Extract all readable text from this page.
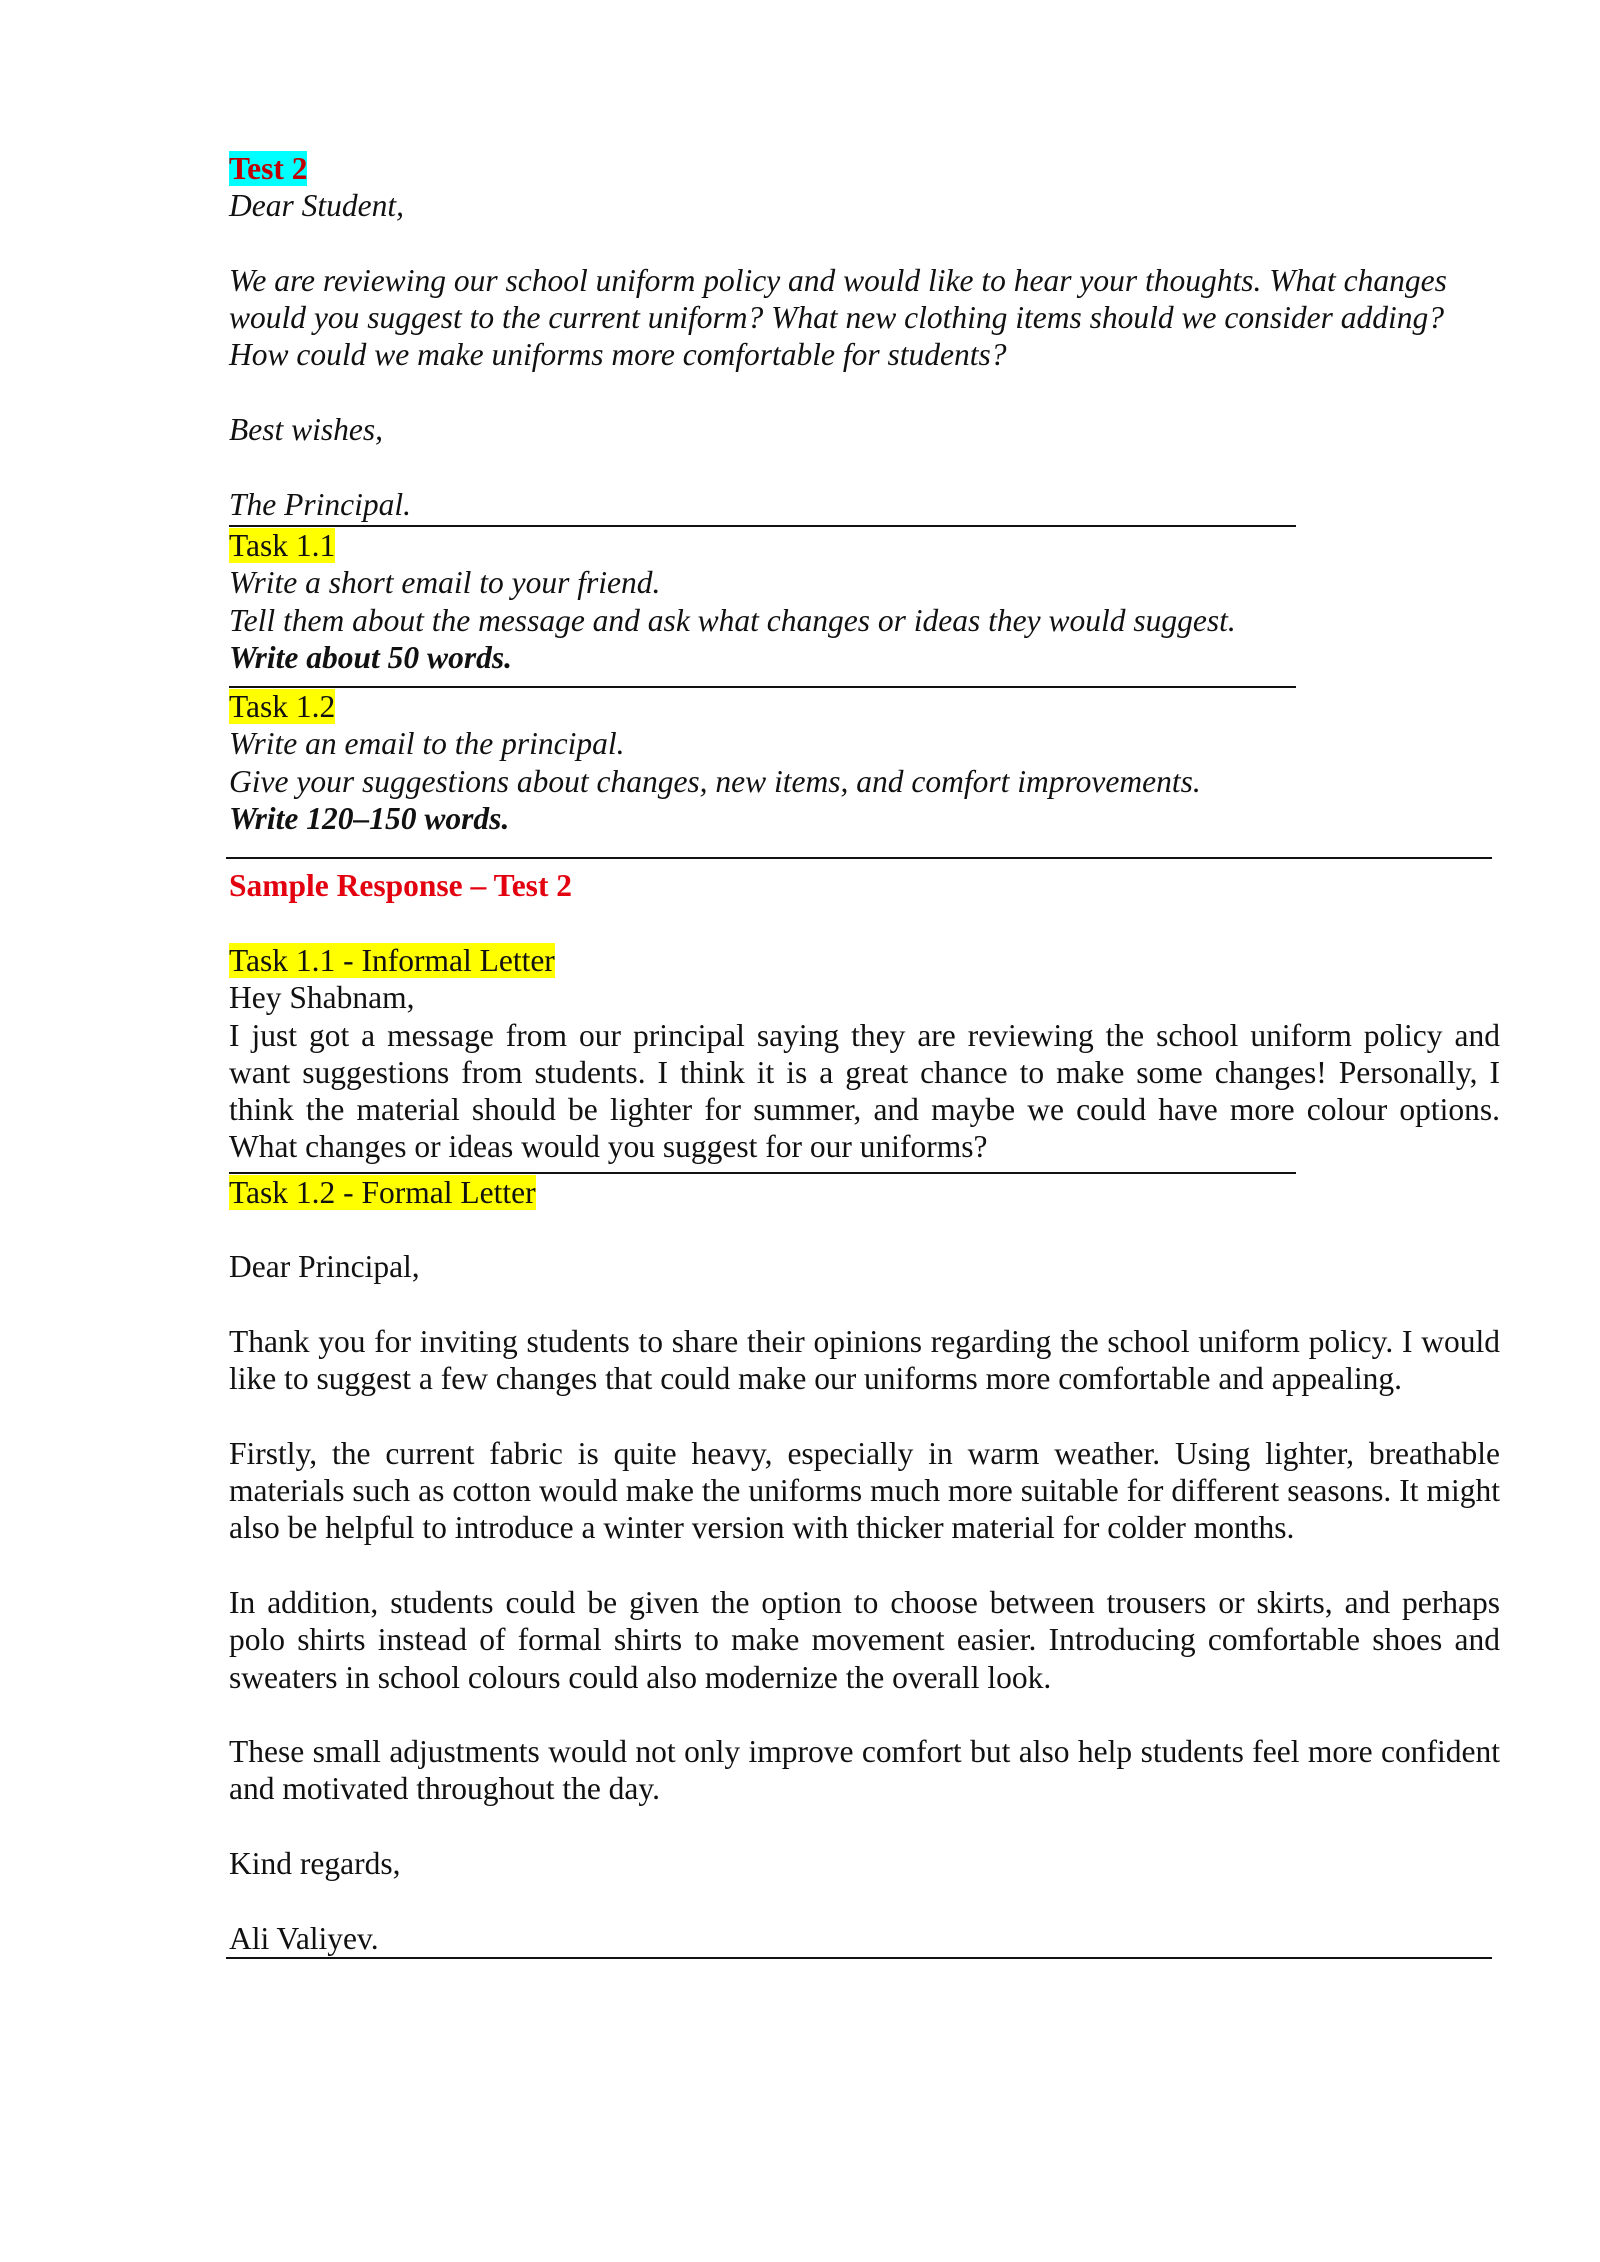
Test 2

Dear Student,

We are reviewing our school uniform policy and would like to hear your thoughts. What changes would you suggest to the current uniform? What new clothing items should we consider adding? How could we make uniforms more comfortable for students?

Best wishes,

The Principal.

Task 1.1

Write a short email to your friend.

Tell them about the message and ask what changes or ideas they would suggest.

Write about 50 words.

Task 1.2

Write an email to the principal.

Give your suggestions about changes, new items, and comfort improvements.

Write 120–150 words.

Sample Response – Test 2

Task 1.1 - Informal Letter

Hey Shabnam,

I just got a message from our principal saying they are reviewing the school uniform policy and want suggestions from students. I think it is a great chance to make some changes! Personally, I think the material should be lighter for summer, and maybe we could have more colour options. What changes or ideas would you suggest for our uniforms?

Task 1.2 - Formal Letter

Dear Principal,

Thank you for inviting students to share their opinions regarding the school uniform policy. I would like to suggest a few changes that could make our uniforms more comfortable and appealing.

Firstly, the current fabric is quite heavy, especially in warm weather. Using lighter, breathable materials such as cotton would make the uniforms much more suitable for different seasons. It might also be helpful to introduce a winter version with thicker material for colder months.

In addition, students could be given the option to choose between trousers or skirts, and perhaps polo shirts instead of formal shirts to make movement easier. Introducing comfortable shoes and sweaters in school colours could also modernize the overall look.

These small adjustments would not only improve comfort but also help students feel more confident and motivated throughout the day.

Kind regards,

Ali Valiyev.
